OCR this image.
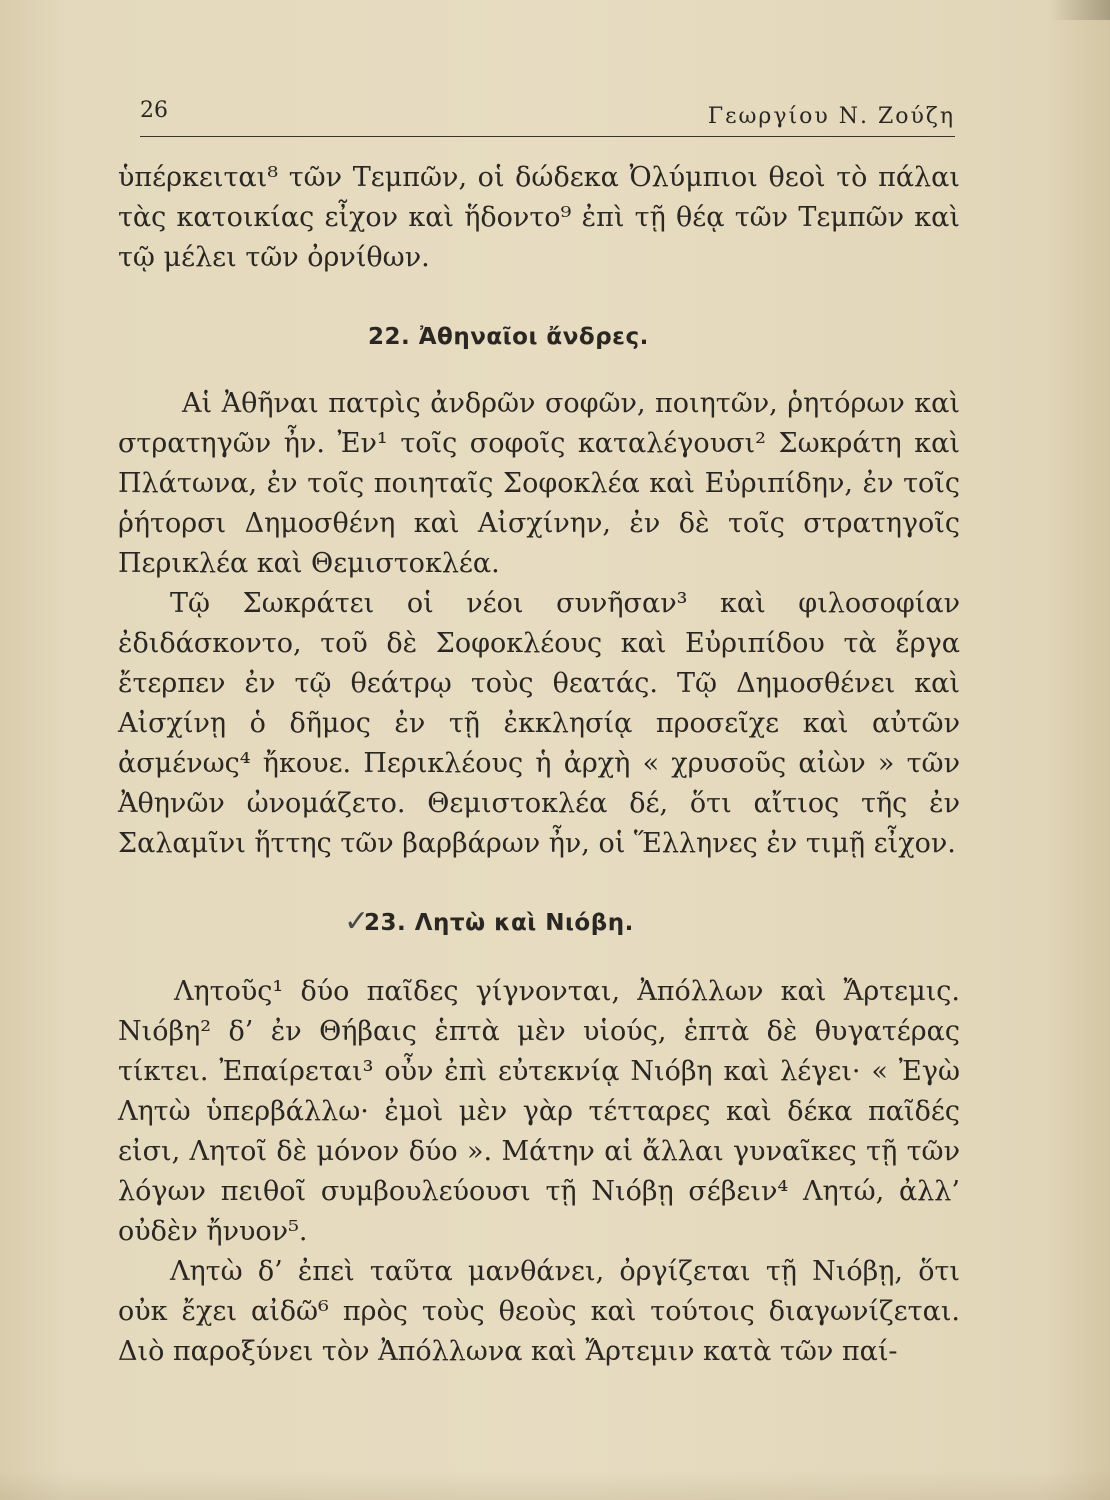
26	Γεωργίου Ν. Ζούζη

ὑπέρκειται⁸ τῶν Τεμπῶν, οἱ δώδεκα Ὀλύμπιοι θεοὶ τὸ πάλαι τὰς κατοικίας εἶχον καὶ ἥδοντο⁹ ἐπὶ τῇ θέᾳ τῶν Τεμπῶν καὶ τῷ μέλει τῶν ὀρνίθων.

22. Ἀθηναῖοι ἄνδρες.

Αἱ Ἀθῆναι πατρὶς ἀνδρῶν σοφῶν, ποιητῶν, ῥητόρων καὶ στρατηγῶν ἦν. Ἐν¹ τοῖς σοφοῖς καταλέγουσι² Σωκράτη καὶ Πλάτωνα, ἐν τοῖς ποιηταῖς Σοφοκλέα καὶ Εὐριπίδην, ἐν τοῖς ῥήτορσι Δημοσθένη καὶ Αἰσχίνην, ἐν δὲ τοῖς στρατηγοῖς Περικλέα καὶ Θεμιστοκλέα.

Τῷ Σωκράτει οἱ νέοι συνῆσαν³ καὶ φιλοσοφίαν ἐδιδάσκοντο, τοῦ δὲ Σοφοκλέους καὶ Εὐριπίδου τὰ ἔργα ἔτερπεν ἐν τῷ θεάτρῳ τοὺς θεατάς. Τῷ Δημοσθένει καὶ Αἰσχίνῃ ὁ δῆμος ἐν τῇ ἐκκλησίᾳ προσεῖχε καὶ αὐτῶν ἀσμένως⁴ ἤκουε. Περικλέους ἡ ἀρχὴ « χρυσοῦς αἰὼν » τῶν Ἀθηνῶν ὠνομάζετο. Θεμιστοκλέα δέ, ὅτι αἴτιος τῆς ἐν Σαλαμῖνι ἥττης τῶν βαρβάρων ἦν, οἱ Ἕλληνες ἐν τιμῇ εἶχον.

✓
23. Λητὼ καὶ Νιόβη.

Λητοῦς¹ δύο παῖδες γίγνονται, Ἀπόλλων καὶ Ἄρτεμις. Νιόβη² δ’ ἐν Θήβαις ἑπτὰ μὲν υἱούς, ἑπτὰ δὲ θυγατέρας τίκτει. Ἐπαίρεται³ οὖν ἐπὶ εὐτεκνίᾳ Νιόβη καὶ λέγει· « Ἐγὼ Λητὼ ὑπερβάλλω· ἐμοὶ μὲν γὰρ τέτταρες καὶ δέκα παῖδές εἰσι, Λητοῖ δὲ μόνον δύο ». Μάτην αἱ ἄλλαι γυναῖκες τῇ τῶν λόγων πειθοῖ συμβουλεύουσι τῇ Νιόβῃ σέβειν⁴ Λητώ, ἀλλ’ οὐδὲν ἤνυον⁵.

Λητὼ δ’ ἐπεὶ ταῦτα μανθάνει, ὀργίζεται τῇ Νιόβῃ, ὅτι οὐκ ἔχει αἰδῶ⁶ πρὸς τοὺς θεοὺς καὶ τούτοις διαγωνίζεται. Διὸ παροξύνει τὸν Ἀπόλλωνα καὶ Ἄρτεμιν κατὰ τῶν παί-
